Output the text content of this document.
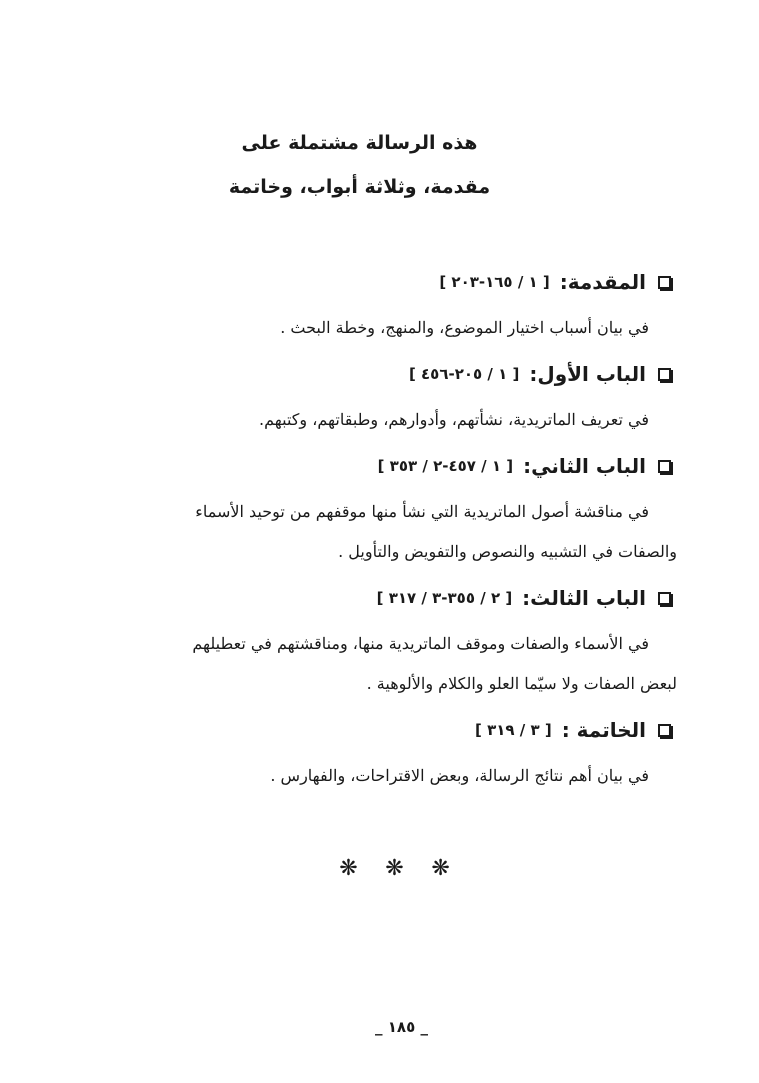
هذه الرسالة مشتملة على
مقدمة، وثلاثة أبواب، وخاتمة
المقدمة:
[ ١ / ١٦٥-٢٠٣ ]
في بيان أسباب اختيار الموضوع، والمنهج، وخطة البحث .
الباب الأول:
[ ١ / ٢٠٥-٤٥٦ ]
في تعريف الماتريدية، نشأتهم، وأدوارهم، وطبقاتهم، وكتبهم.
الباب الثاني:
[ ١ / ٤٥٧-٢ / ٣٥٣ ]
في مناقشة أصول الماتريدية التي نشأ منها موقفهم من توحيد الأسماء
والصفات في التشبيه والنصوص والتفويض والتأويل .
الباب الثالث:
[ ٢ / ٣٥٥-٣ / ٣١٧ ]
في الأسماء والصفات وموقف الماتريدية منها، ومناقشتهم في تعطيلهم
لبعض الصفات ولا سيّما العلو والكلام والألوهية .
الخاتمة :
[ ٣ / ٣١٩ ]
في بيان أهم نتائج الرسالة، وبعض الاقتراحات، والفهارس .
❋ ❋ ❋
_ ١٨٥ _
